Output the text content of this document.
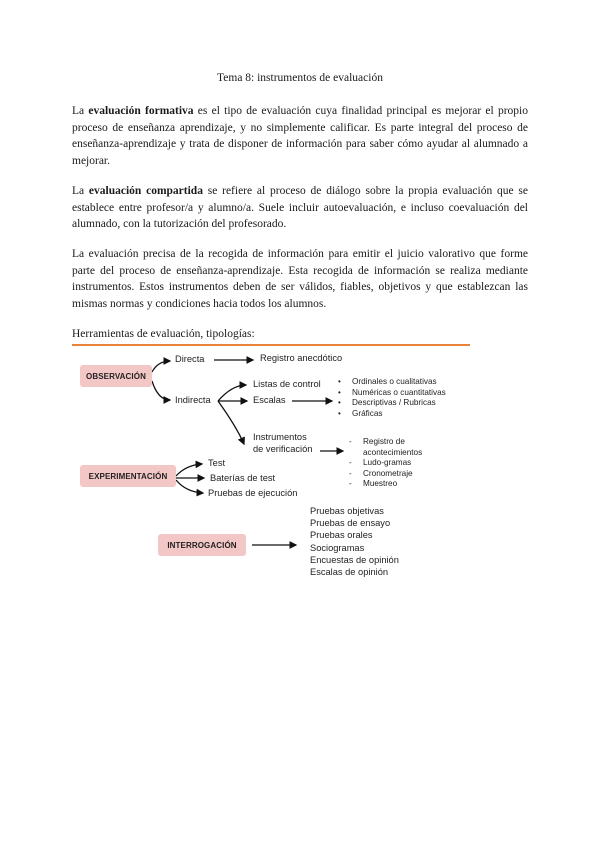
Tema 8: instrumentos de evaluación

La evaluación formativa es el tipo de evaluación cuya finalidad principal es mejorar el propio proceso de enseñanza aprendizaje, y no simplemente calificar. Es parte integral del proceso de enseñanza-aprendizaje y trata de disponer de información para saber cómo ayudar al alumnado a mejorar.

La evaluación compartida se refiere al proceso de diálogo sobre la propia evaluación que se establece entre profesor/a y alumno/a. Suele incluir autoevaluación, e incluso coevaluación del alumnado, con la tutorización del profesorado.

La evaluación precisa de la recogida de información para emitir el juicio valorativo que forme parte del proceso de enseñanza-aprendizaje. Esta recogida de información se realiza mediante instrumentos. Estos instrumentos deben de ser válidos, fiables, objetivos y que establezcan las mismas normas y condiciones hacia todos los alumnos.

Herramientas de evaluación, tipologías:
OBSERVACIÓN
Directa	Registro anecdótico
Indirecta
Listas de control
Escalas
• Ordinales o cualitativas
• Numéricas o cuantitativas
• Descriptivas / Rubricas
• Gráficas
Instrumentos
de verificación
- Registro de acontecimientos
- Ludo-gramas
- Cronometraje
- Muestreo
EXPERIMENTACIÓN
Test
Baterías de test
Pruebas de ejecución
INTERROGACIÓN
Pruebas objetivas
Pruebas de ensayo
Pruebas orales
Sociogramas
Encuestas de opinión
Escalas de opinión
